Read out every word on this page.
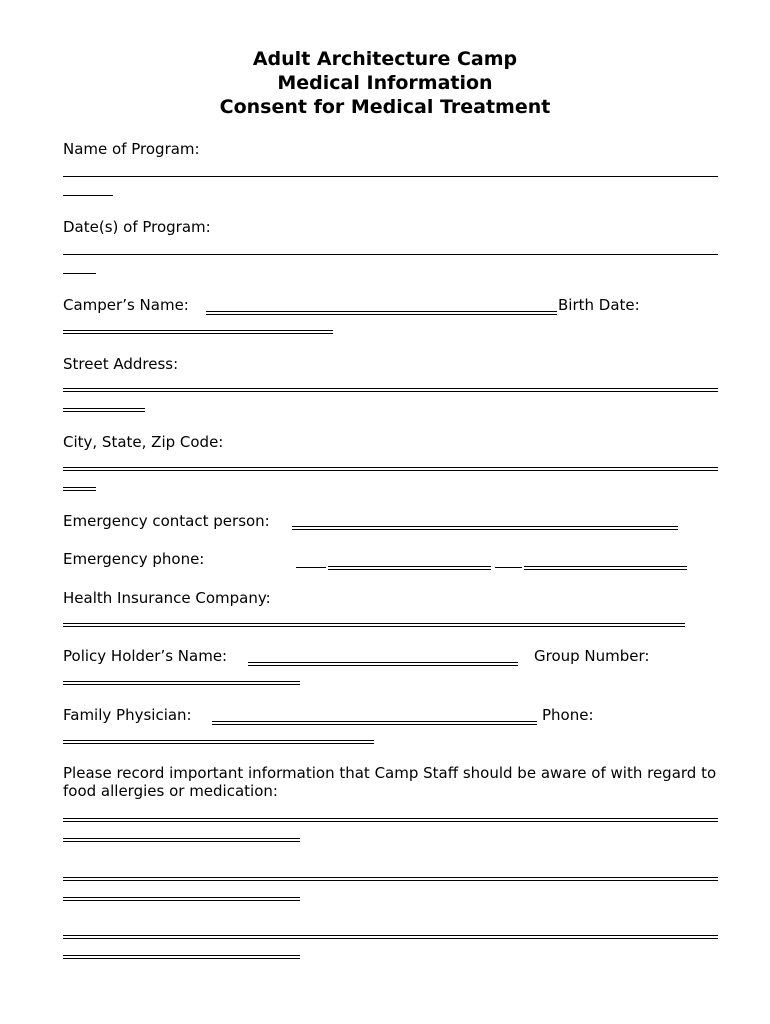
Adult Architecture Camp
Medical Information
Consent for Medical Treatment
Name of Program:
Date(s) of Program:
Camper’s Name:	Birth Date:
Street Address:
City, State, Zip Code:
Emergency contact person:
Emergency phone:
Health Insurance Company:
Policy Holder’s Name:	Group Number:
Family Physician:	Phone:
Please record important information that Camp Staff should be aware of with regard to food allergies or medication:
